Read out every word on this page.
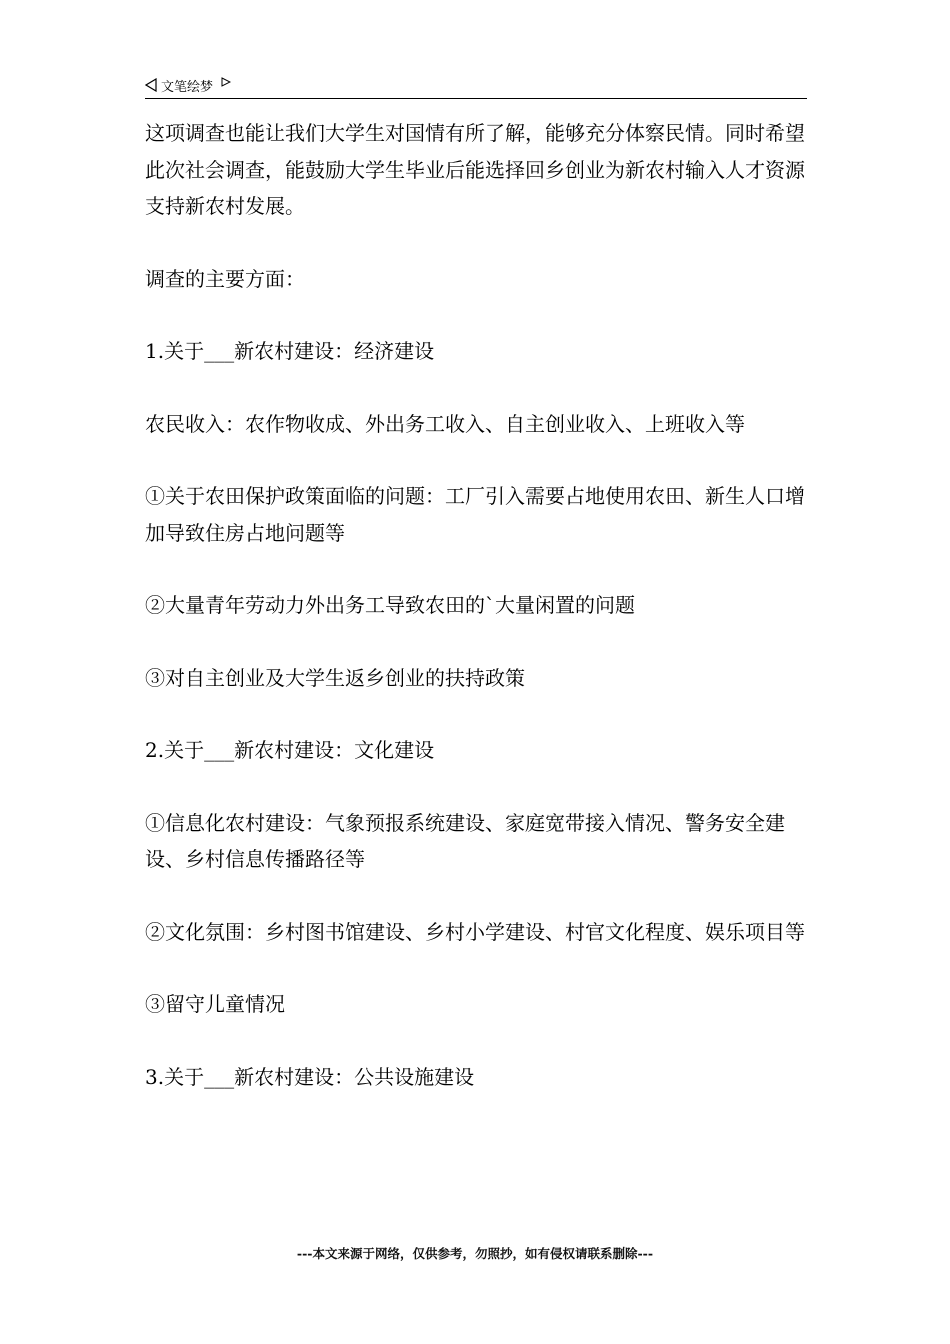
文笔绘梦

这项调查也能让我们大学生对国情有所了解，能够充分体察民情。同时希望此次社会调查，能鼓励大学生毕业后能选择回乡创业为新农村输入人才资源支持新农村发展。

调查的主要方面：

1.关于___新农村建设：经济建设

农民收入：农作物收成、外出务工收入、自主创业收入、上班收入等

①关于农田保护政策面临的问题：工厂引入需要占地使用农田、新生人口增加导致住房占地问题等

②大量青年劳动力外出务工导致农田的`大量闲置的问题

③对自主创业及大学生返乡创业的扶持政策

2.关于___新农村建设：文化建设

①信息化农村建设：气象预报系统建设、家庭宽带接入情况、警务安全建设、乡村信息传播路径等

②文化氛围：乡村图书馆建设、乡村小学建设、村官文化程度、娱乐项目等

③留守儿童情况

3.关于___新农村建设：公共设施建设

---本文来源于网络，仅供参考，勿照抄，如有侵权请联系删除---
